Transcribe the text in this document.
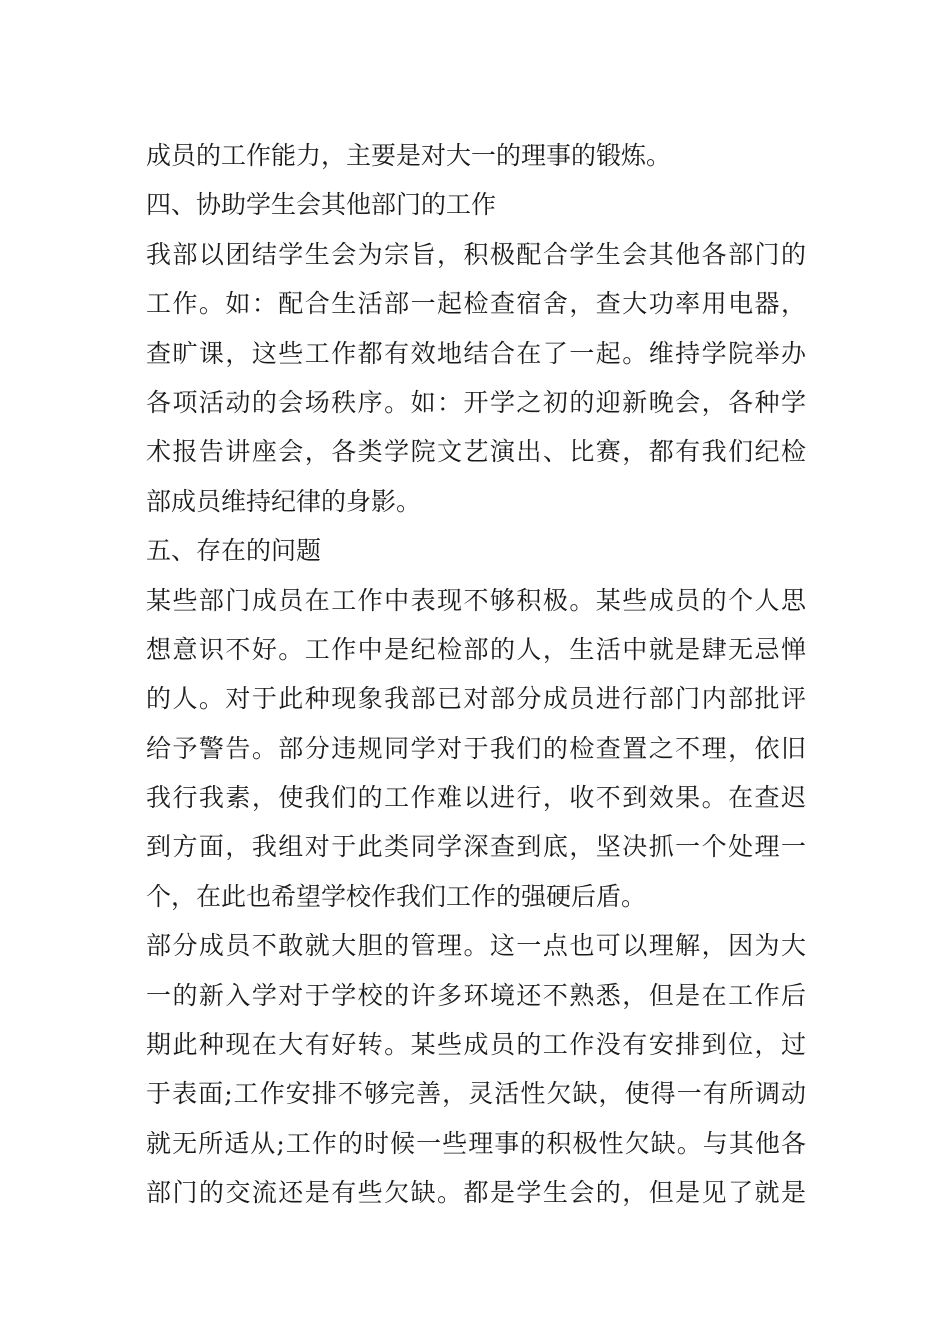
成员的工作能力，主要是对大一的理事的锻炼。
四、协助学生会其他部门的工作
我部以团结学生会为宗旨，积极配合学生会其他各部门的
工作。如：配合生活部一起检查宿舍，查大功率用电器，
查旷课，这些工作都有效地结合在了一起。维持学院举办
各项活动的会场秩序。如：开学之初的迎新晚会，各种学
术报告讲座会，各类学院文艺演出、比赛，都有我们纪检
部成员维持纪律的身影。
五、存在的问题
某些部门成员在工作中表现不够积极。某些成员的个人思
想意识不好。工作中是纪检部的人，生活中就是肆无忌惮
的人。对于此种现象我部已对部分成员进行部门内部批评
给予警告。部分违规同学对于我们的检查置之不理，依旧
我行我素，使我们的工作难以进行，收不到效果。在查迟
到方面，我组对于此类同学深查到底，坚决抓一个处理一
个，在此也希望学校作我们工作的强硬后盾。
部分成员不敢就大胆的管理。这一点也可以理解，因为大
一的新入学对于学校的许多环境还不熟悉，但是在工作后
期此种现在大有好转。某些成员的工作没有安排到位，过
于表面;工作安排不够完善，灵活性欠缺，使得一有所调动
就无所适从;工作的时候一些理事的积极性欠缺。与其他各
部门的交流还是有些欠缺。都是学生会的，但是见了就是
